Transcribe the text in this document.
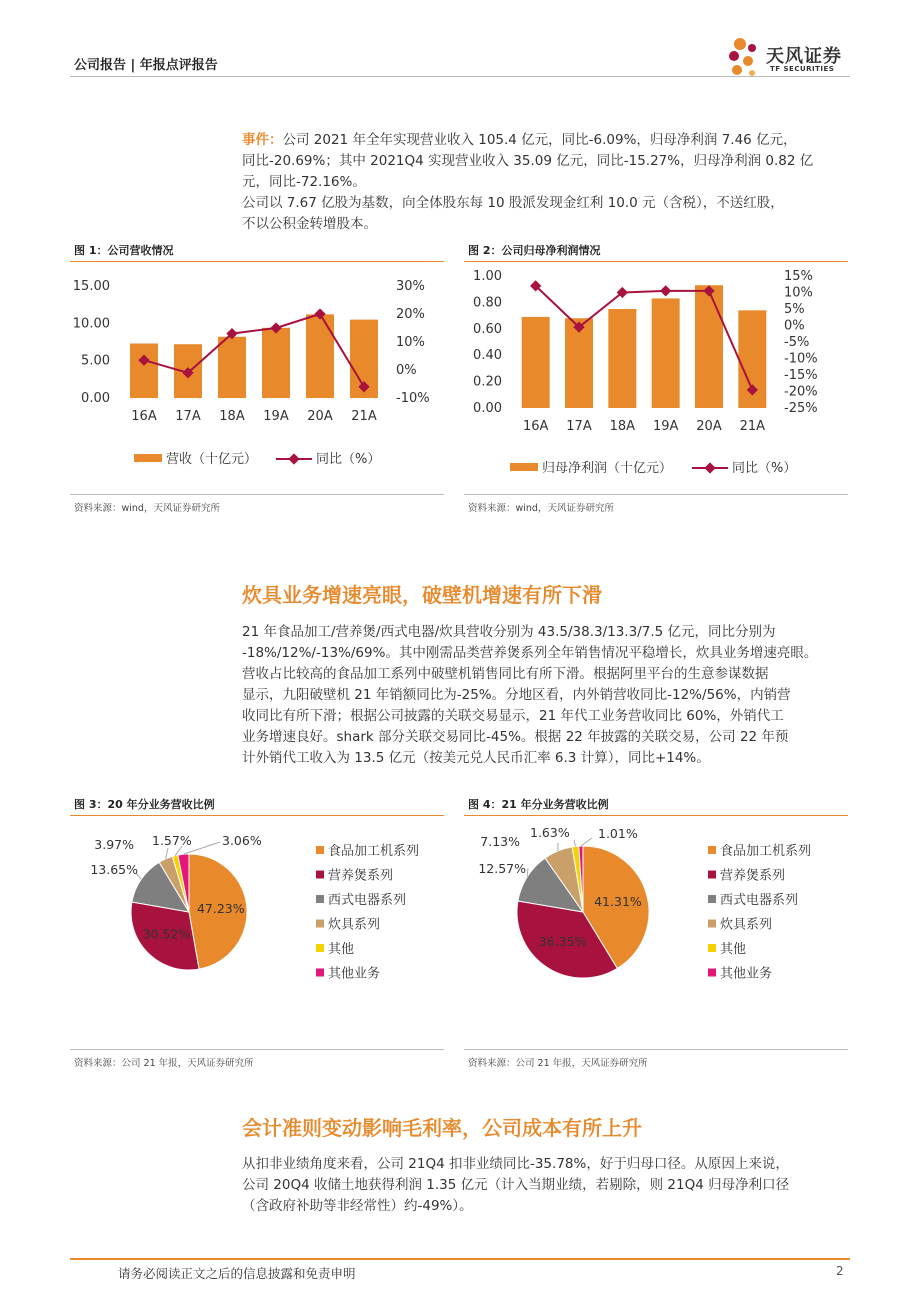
公司报告 | 年报点评报告	天风证券
TF SECURITIES
事件：公司 2021 年全年实现营业收入 105.4 亿元，同比-6.09%，归母净利润 7.46 亿元，
同比-20.69%；其中 2021Q4 实现营业收入 35.09 亿元，同比-15.27%，归母净利润 0.82 亿
元，同比-72.16%。
公司以 7.67 亿股为基数，向全体股东每 10 股派发现金红利 10.0 元（含税），不送红股，
不以公积金转增股本。
图 1：公司营收情况
15.00
10.00
5.00
0.00
30%
20%
10%
0%
-10%
16A 17A 18A 19A 20A 21A
营收（十亿元）	同比（%）
资料来源：wind，天风证券研究所
图 2：公司归母净利润情况
1.00
0.80
0.60
0.40
0.20
0.00
15%
10%
5%
0%
-5%
-10%
-15%
-20%
-25%
16A 17A 18A 19A 20A 21A
归母净利润（十亿元）	同比（%）
资料来源：wind，天风证券研究所
炊具业务增速亮眼，破壁机增速有所下滑
21 年食品加工/营养煲/西式电器/炊具营收分别为 43.5/38.3/13.3/7.5 亿元，同比分别为
-18%/12%/-13%/69%。其中刚需品类营养煲系列全年销售情况平稳增长，炊具业务增速亮眼。
营收占比较高的食品加工系列中破壁机销售同比有所下滑。根据阿里平台的生意参谋数据
显示，九阳破壁机 21 年销额同比为-25%。分地区看，内外销营收同比-12%/56%，内销营
收同比有所下滑；根据公司披露的关联交易显示，21 年代工业务营收同比 60%，外销代工
业务增速良好。shark 部分关联交易同比-45%。根据 22 年披露的关联交易，公司 22 年预
计外销代工收入为 13.5 亿元（按美元兑人民币汇率 6.3 计算），同比+14%。
图 3：20 年分业务营收比例
47.23%
30.52%
13.65%
3.97% 1.57% 3.06%
食品加工机系列
营养煲系列
西式电器系列
炊具系列
其他
其他业务
资料来源：公司 21 年报，天风证券研究所
图 4：21 年分业务营收比例
41.31%
36.35%
12.57%
7.13%
1.63% 1.01%
食品加工机系列
营养煲系列
西式电器系列
炊具系列
其他
其他业务
资料来源：公司 21 年报，天风证券研究所
会计准则变动影响毛利率，公司成本有所上升
从扣非业绩角度来看，公司 21Q4 扣非业绩同比-35.78%，好于归母口径。从原因上来说，
公司 20Q4 收储土地获得利润 1.35 亿元（计入当期业绩，若剔除，则 21Q4 归母净利口径
（含政府补助等非经常性）约-49%）。
请务必阅读正文之后的信息披露和免责申明	2
